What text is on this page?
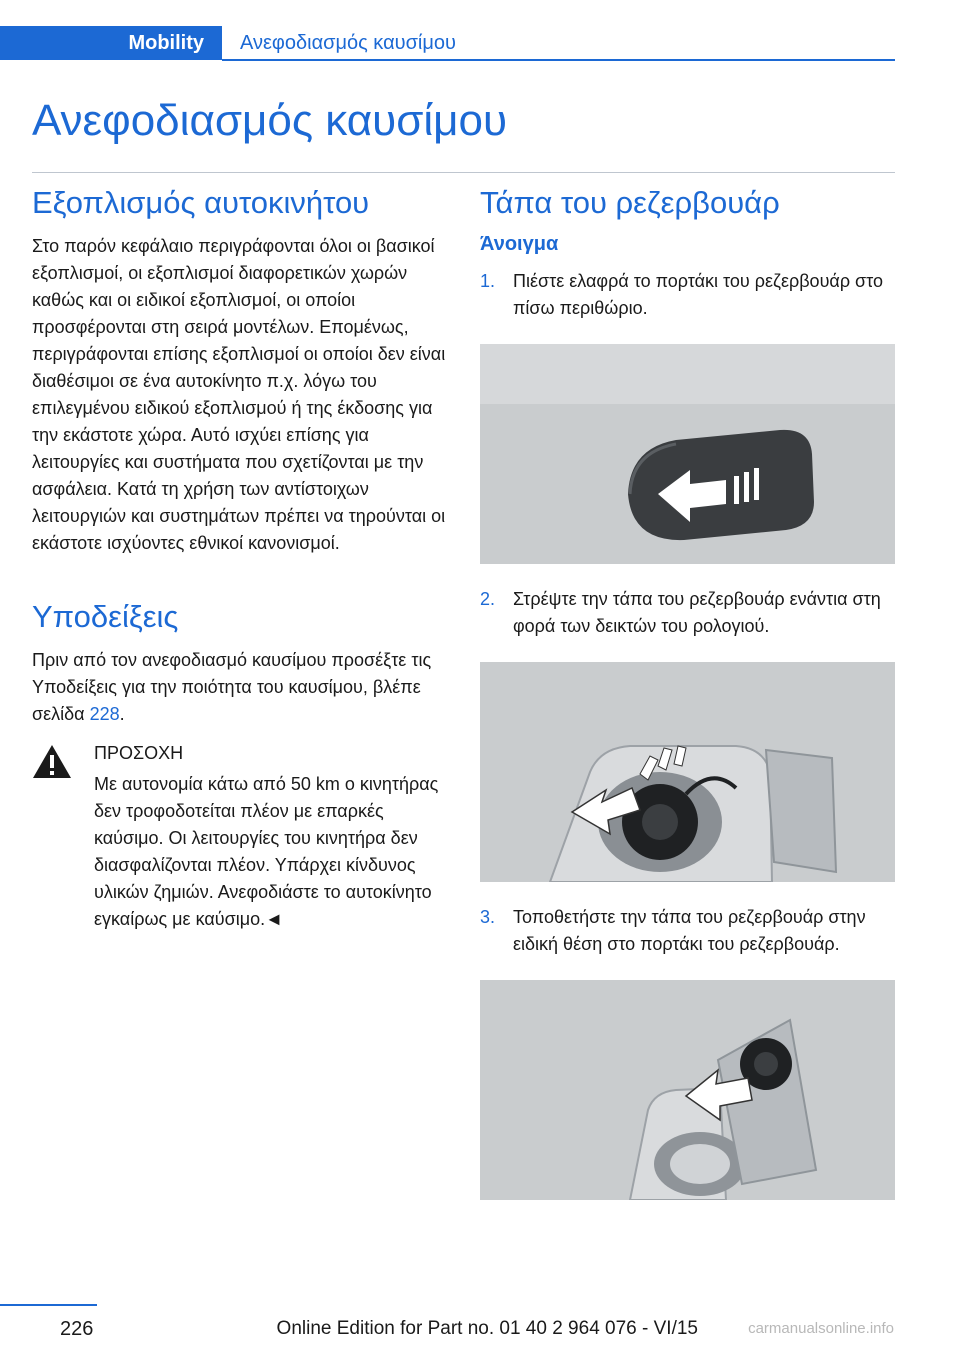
Mobility	Ανεφοδιασμός καυσίμου
Ανεφοδιασμός καυσίμου
Εξοπλισμός αυτοκινήτου

Στο παρόν κεφάλαιο περιγράφονται όλοι οι βασικοί εξοπλισμοί, οι εξοπλισμοί διαφορετικών χωρών καθώς και οι ειδικοί εξοπλισμοί, οι οποίοι προσφέρονται στη σειρά μοντέλων. Επομένως, περιγράφονται επίσης εξοπλισμοί οι οποίοι δεν είναι διαθέσιμοι σε ένα αυτοκίνητο π.χ. λόγω του επιλεγμένου ειδικού εξοπλισμού ή της έκδοσης για την εκάστοτε χώρα. Αυτό ισχύει επίσης για λειτουργίες και συστήματα που σχετίζονται με την ασφάλεια. Κατά τη χρήση των αντίστοιχων λειτουργιών και συστημάτων πρέπει να τηρούνται οι εκάστοτε ισχύοντες εθνικοί κανονισμοί.

Υποδείξεις

Πριν από τον ανεφοδιασμό καυσίμου προσέξτε τις Υποδείξεις για την ποιότητα του καυσίμου, βλέπε σελίδα 228.

ΠΡΟΣΟΧΗ

Με αυτονομία κάτω από 50 km ο κινητήρας δεν τροφοδοτείται πλέον με επαρκές καύσιμο. Οι λειτουργίες του κινητήρα δεν διασφαλίζονται πλέον. Υπάρχει κίνδυνος υλικών ζημιών. Ανεφοδιάστε το αυτοκίνητο εγκαίρως με καύσιμο.◄

Τάπα του ρεζερβουάρ
Άνοιγμα
1. Πιέστε ελαφρά το πορτάκι του ρεζερβουάρ στο πίσω περιθώριο.

2. Στρέψτε την τάπα του ρεζερβουάρ ενάντια στη φορά των δεικτών του ρολογιού.

3. Τοποθετήστε την τάπα του ρεζερβουάρ στην ειδική θέση στο πορτάκι του ρεζερβουάρ.

226	Online Edition for Part no. 01 40 2 964 076 - VI/15	carmanualsonline.info
